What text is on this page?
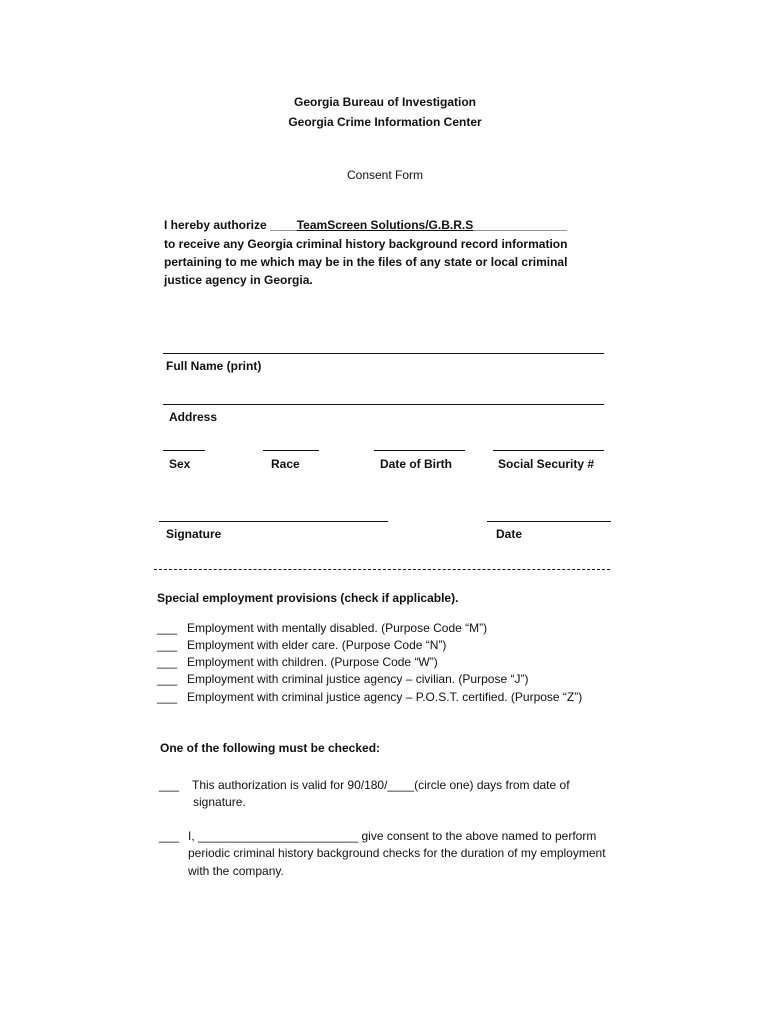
Georgia Bureau of Investigation
Georgia Crime Information Center
Consent Form
I hereby authorize ____TeamScreen Solutions/G.B.R.S______________
to receive any Georgia criminal history background record information
pertaining to me which may be in the files of any state or local criminal
justice agency in Georgia.
Full Name (print)
Address
Sex	Race	Date of Birth	Social Security #
Signature	Date
Special employment provisions (check if applicable).
___ Employment with mentally disabled. (Purpose Code “M”)
___ Employment with elder care. (Purpose Code “N”)
___ Employment with children. (Purpose Code “W”)
___ Employment with criminal justice agency – civilian. (Purpose “J”)
___ Employment with criminal justice agency – P.O.S.T. certified. (Purpose “Z”)
One of the following must be checked:
___ This authorization is valid for 90/180/____(circle one) days from date of
signature.
___ I, ________________________ give consent to the above named to perform
periodic criminal history background checks for the duration of my employment
with the company.
